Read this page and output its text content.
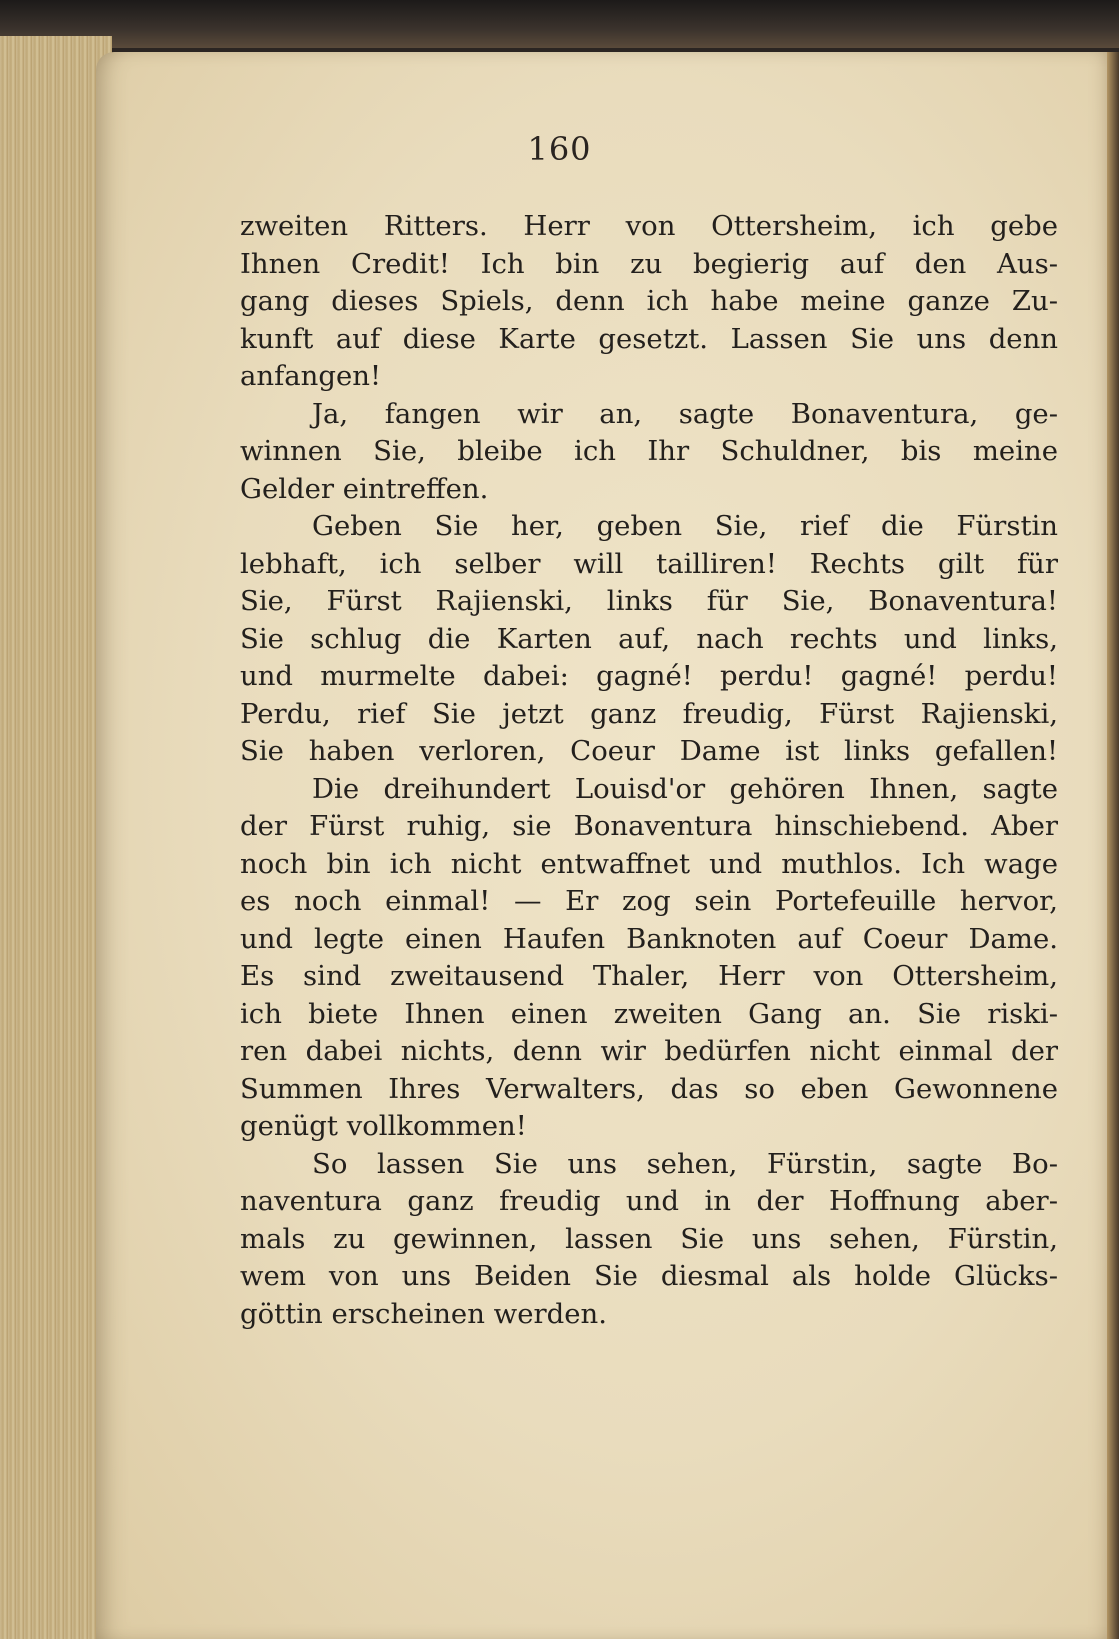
160
zweiten Ritters. Herr von Ottersheim, ich gebe
Ihnen Credit! Ich bin zu begierig auf den Aus-
gang dieses Spiels, denn ich habe meine ganze Zu-
kunft auf diese Karte gesetzt. Lassen Sie uns denn
anfangen!
Ja, fangen wir an, sagte Bonaventura, ge-
winnen Sie, bleibe ich Ihr Schuldner, bis meine
Gelder eintreffen.
Geben Sie her, geben Sie, rief die Fürstin
lebhaft, ich selber will tailliren! Rechts gilt für
Sie, Fürst Rajienski, links für Sie, Bonaventura!
Sie schlug die Karten auf, nach rechts und links,
und murmelte dabei: gagné! perdu! gagné! perdu!
Perdu, rief Sie jetzt ganz freudig, Fürst Rajienski,
Sie haben verloren, Coeur Dame ist links gefallen!
Die dreihundert Louisd'or gehören Ihnen, sagte
der Fürst ruhig, sie Bonaventura hinschiebend. Aber
noch bin ich nicht entwaffnet und muthlos. Ich wage
es noch einmal! — Er zog sein Portefeuille hervor,
und legte einen Haufen Banknoten auf Coeur Dame.
Es sind zweitausend Thaler, Herr von Ottersheim,
ich biete Ihnen einen zweiten Gang an. Sie riski-
ren dabei nichts, denn wir bedürfen nicht einmal der
Summen Ihres Verwalters, das so eben Gewonnene
genügt vollkommen!
So lassen Sie uns sehen, Fürstin, sagte Bo-
naventura ganz freudig und in der Hoffnung aber-
mals zu gewinnen, lassen Sie uns sehen, Fürstin,
wem von uns Beiden Sie diesmal als holde Glücks-
göttin erscheinen werden.
